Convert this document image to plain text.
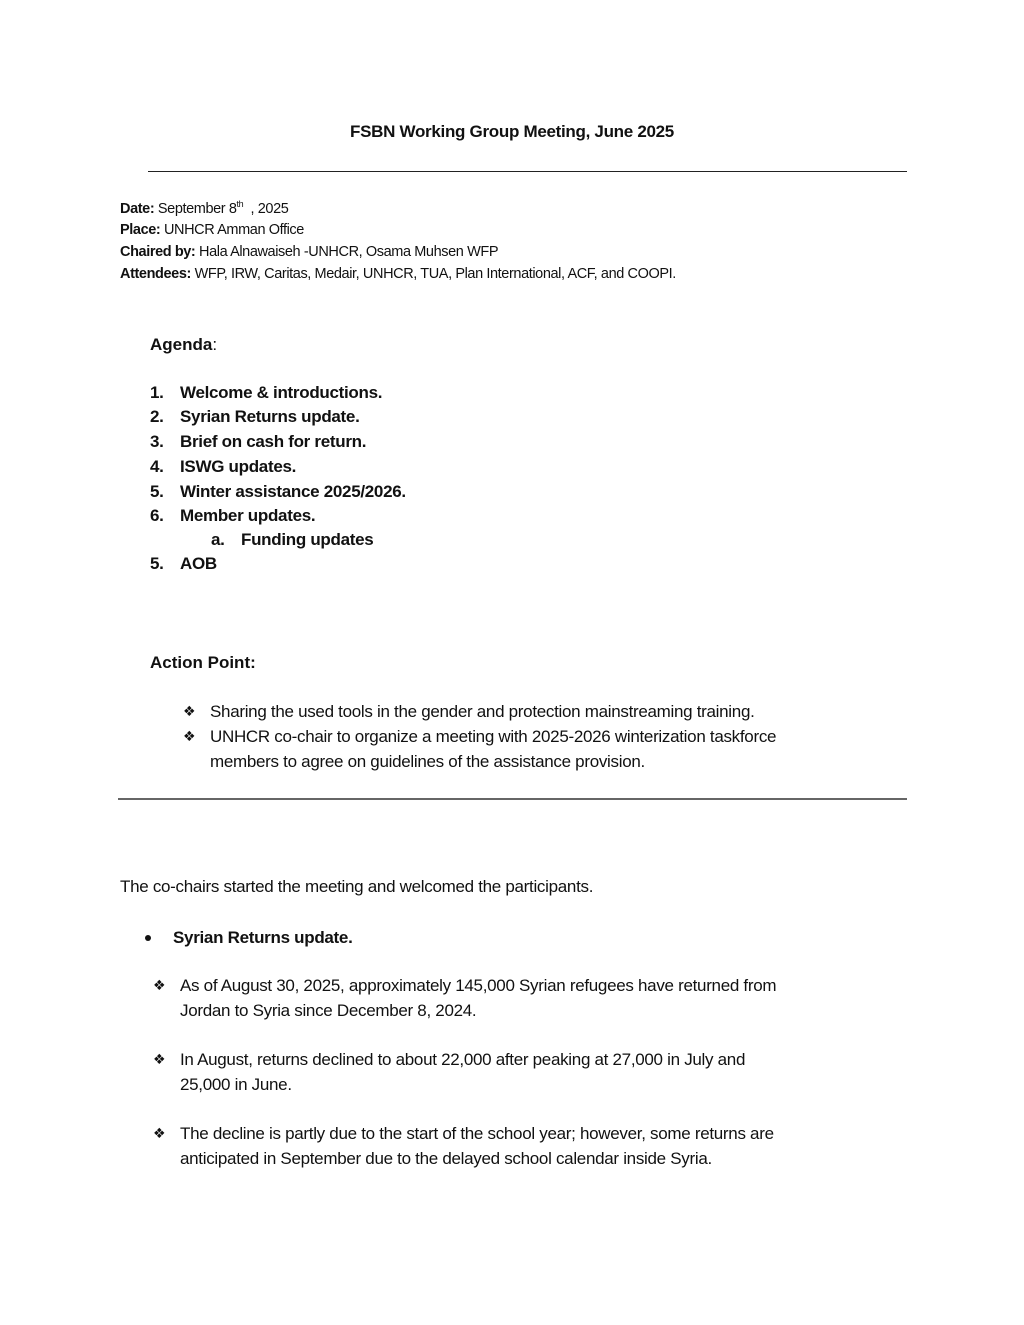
FSBN Working Group Meeting, June 2025
Date: September 8th , 2025
Place: UNHCR Amman Office
Chaired by: Hala Alnawaiseh -UNHCR, Osama Muhsen WFP
Attendees: WFP, IRW, Caritas, Medair, UNHCR, TUA, Plan International, ACF, and COOPI.
Agenda:
1. Welcome & introductions.
2. Syrian Returns update.
3. Brief on cash for return.
4. ISWG updates.
5. Winter assistance 2025/2026.
6. Member updates.
a. Funding updates
5. AOB
Action Point:
❖ Sharing the used tools in the gender and protection mainstreaming training.
❖ UNHCR co-chair to organize a meeting with 2025-2026 winterization taskforce
members to agree on guidelines of the assistance provision.
The co-chairs started the meeting and welcomed the participants.
Syrian Returns update.
❖ As of August 30, 2025, approximately 145,000 Syrian refugees have returned from
Jordan to Syria since December 8, 2024.
❖ In August, returns declined to about 22,000 after peaking at 27,000 in July and
25,000 in June.
❖ The decline is partly due to the start of the school year; however, some returns are
anticipated in September due to the delayed school calendar inside Syria.
